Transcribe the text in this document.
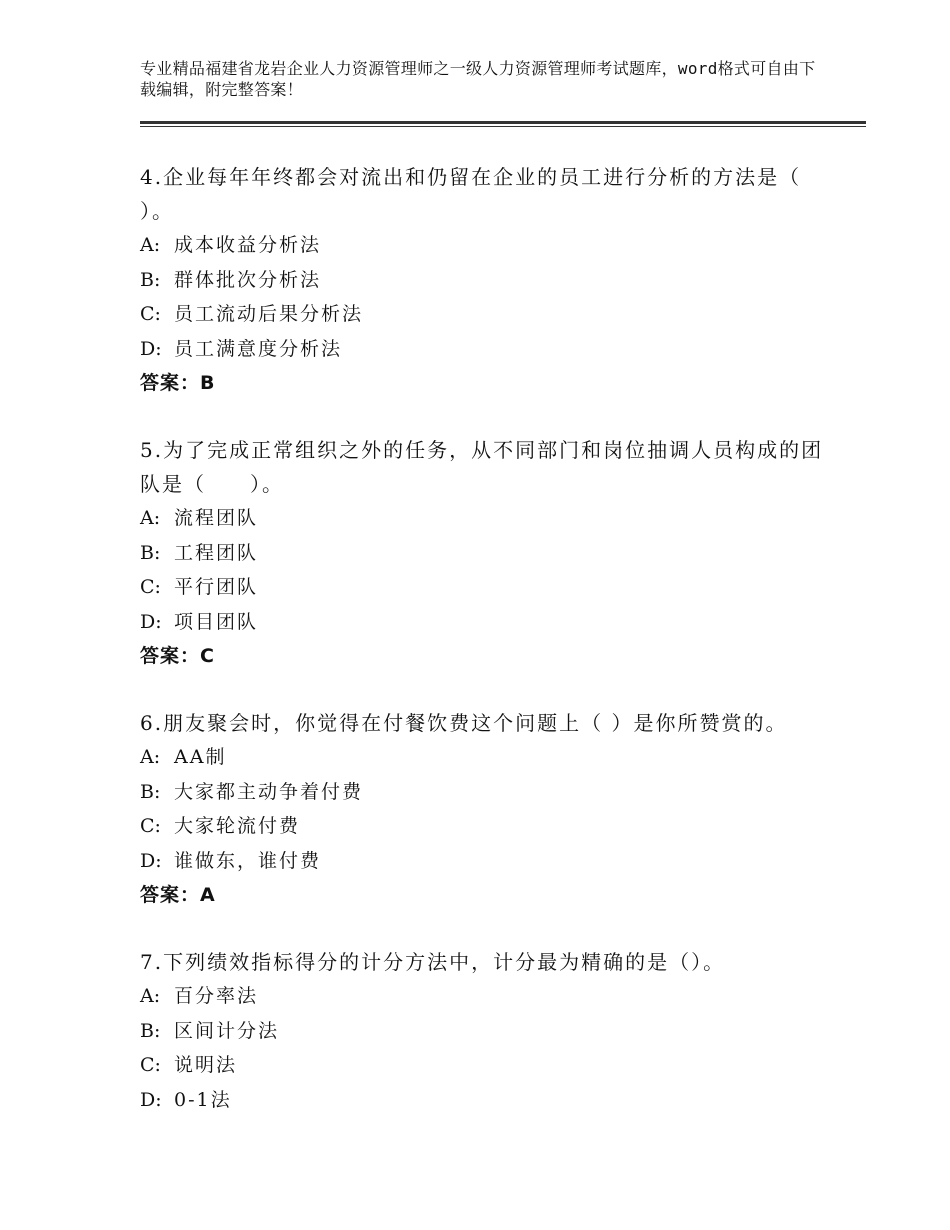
专业精品福建省龙岩企业人力资源管理师之一级人力资源管理师考试题库，word格式可自由下载编辑，附完整答案！
4.企业每年年终都会对流出和仍留在企业的员工进行分析的方法是（ ）。
A: 成本收益分析法
B: 群体批次分析法
C: 员工流动后果分析法
D: 员工满意度分析法
答案：B
5.为了完成正常组织之外的任务，从不同部门和岗位抽调人员构成的团队是（　　）。
A: 流程团队
B: 工程团队
C: 平行团队
D: 项目团队
答案：C
6.朋友聚会时，你觉得在付餐饮费这个问题上（ ）是你所赞赏的。
A: AA制
B: 大家都主动争着付费
C: 大家轮流付费
D: 谁做东，谁付费
答案：A
7.下列绩效指标得分的计分方法中，计分最为精确的是（）。
A: 百分率法
B: 区间计分法
C: 说明法
D: 0-1法
